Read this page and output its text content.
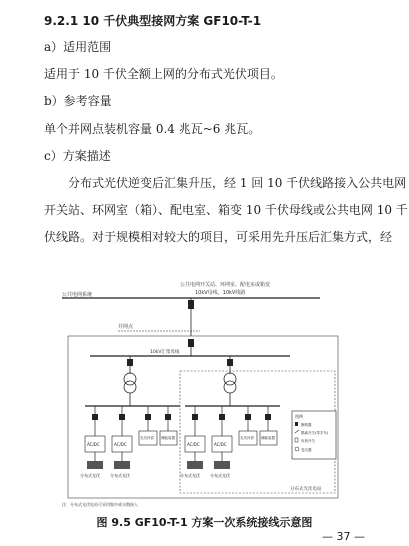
9.2.1 10 千伏典型接网方案 GF10-T-1
a）适用范围
适用于 10 千伏全额上网的分布式光伏项目。
b）参考容量
单个并网点装机容量 0.4 兆瓦~6 兆瓦。
c）方案描述
分布式光伏逆变后汇集升压，经 1 回 10 千伏线路接入公共电网
开关站、环网室（箱）、配电室、箱变 10 千伏母线或公共电网 10 千
伏线路。对于规模相对较大的项目，可采用先升压后汇集方式，经
公共电网开关站、环网室、配电室或箱变
10kV母线，10kV线路
公共电网系统
并网点
10kV汇集母线
分布式光伏电站
AC/DC	AC/DC
无功补偿 储能装置
分布式光伏	分布式光伏
AC/DC	AC/DC
无功补偿 储能装置
分布式光伏	分布式光伏
图例
断路器
隔离开关(带手车)
负荷开关
变压器
注：分布式光伏电站可采用集中或分散接入
图 9.5 GF10-T-1 方案一次系统接线示意图
— 37 —
